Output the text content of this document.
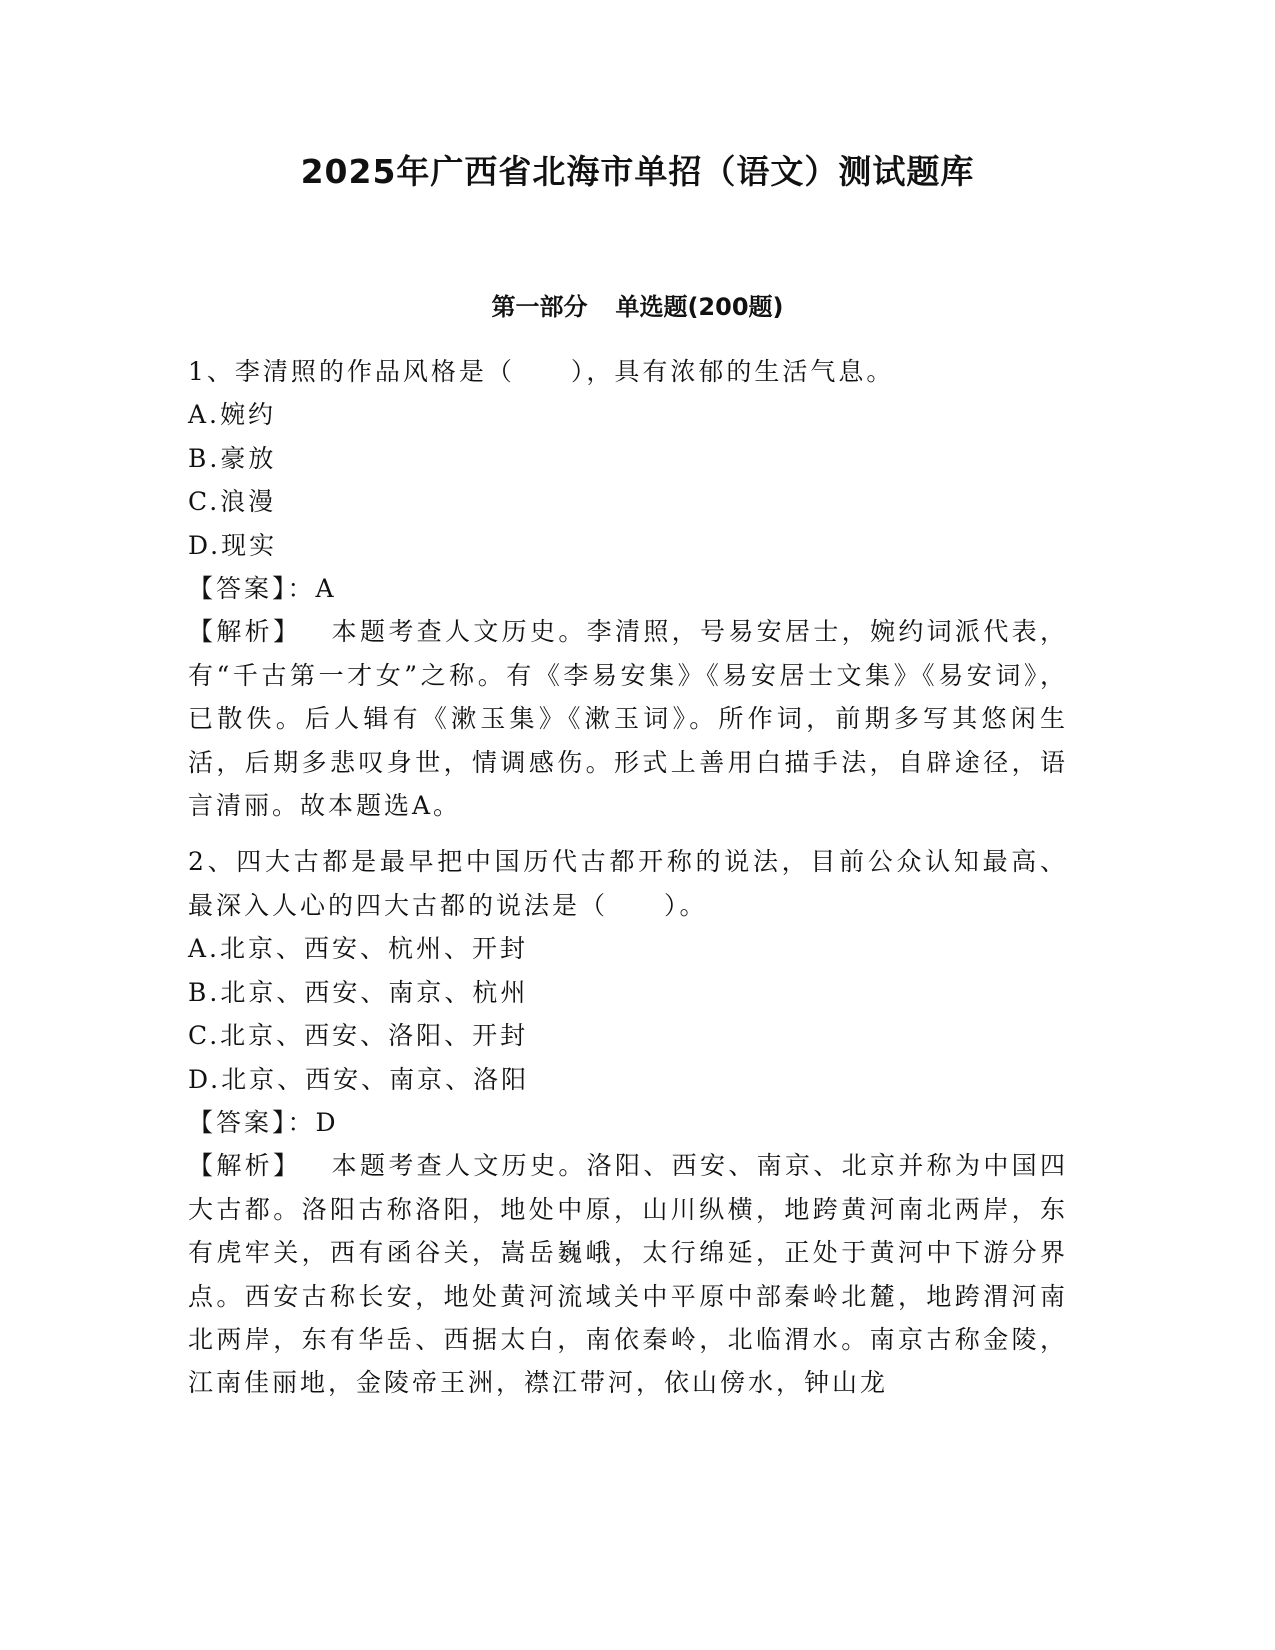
2025年广西省北海市单招（语文）测试题库
第一部分 单选题(200题)

1、李清照的作品风格是（　　），具有浓郁的生活气息。

A.婉约

B.豪放

C.浪漫

D.现实

【答案】：A

【解析】 本题考查人文历史。李清照，号易安居士，婉约词派代表，有“千古第一才女”之称。有《李易安集》《易安居士文集》《易安词》，已散佚。后人辑有《漱玉集》《漱玉词》。所作词，前期多写其悠闲生活，后期多悲叹身世，情调感伤。形式上善用白描手法，自辟途径，语言清丽。故本题选A。

2、四大古都是最早把中国历代古都开称的说法，目前公众认知最高、最深入人心的四大古都的说法是（　　）。

A.北京、西安、杭州、开封

B.北京、西安、南京、杭州

C.北京、西安、洛阳、开封

D.北京、西安、南京、洛阳

【答案】：D

【解析】 本题考查人文历史。洛阳、西安、南京、北京并称为中国四大古都。洛阳古称洛阳，地处中原，山川纵横，地跨黄河南北两岸，东有虎牢关，西有函谷关，嵩岳巍峨，太行绵延，正处于黄河中下游分界点。西安古称长安，地处黄河流域关中平原中部秦岭北麓，地跨渭河南北两岸，东有华岳、西据太白，南依秦岭，北临渭水。南京古称金陵，江南佳丽地，金陵帝王洲，襟江带河，依山傍水，钟山龙
